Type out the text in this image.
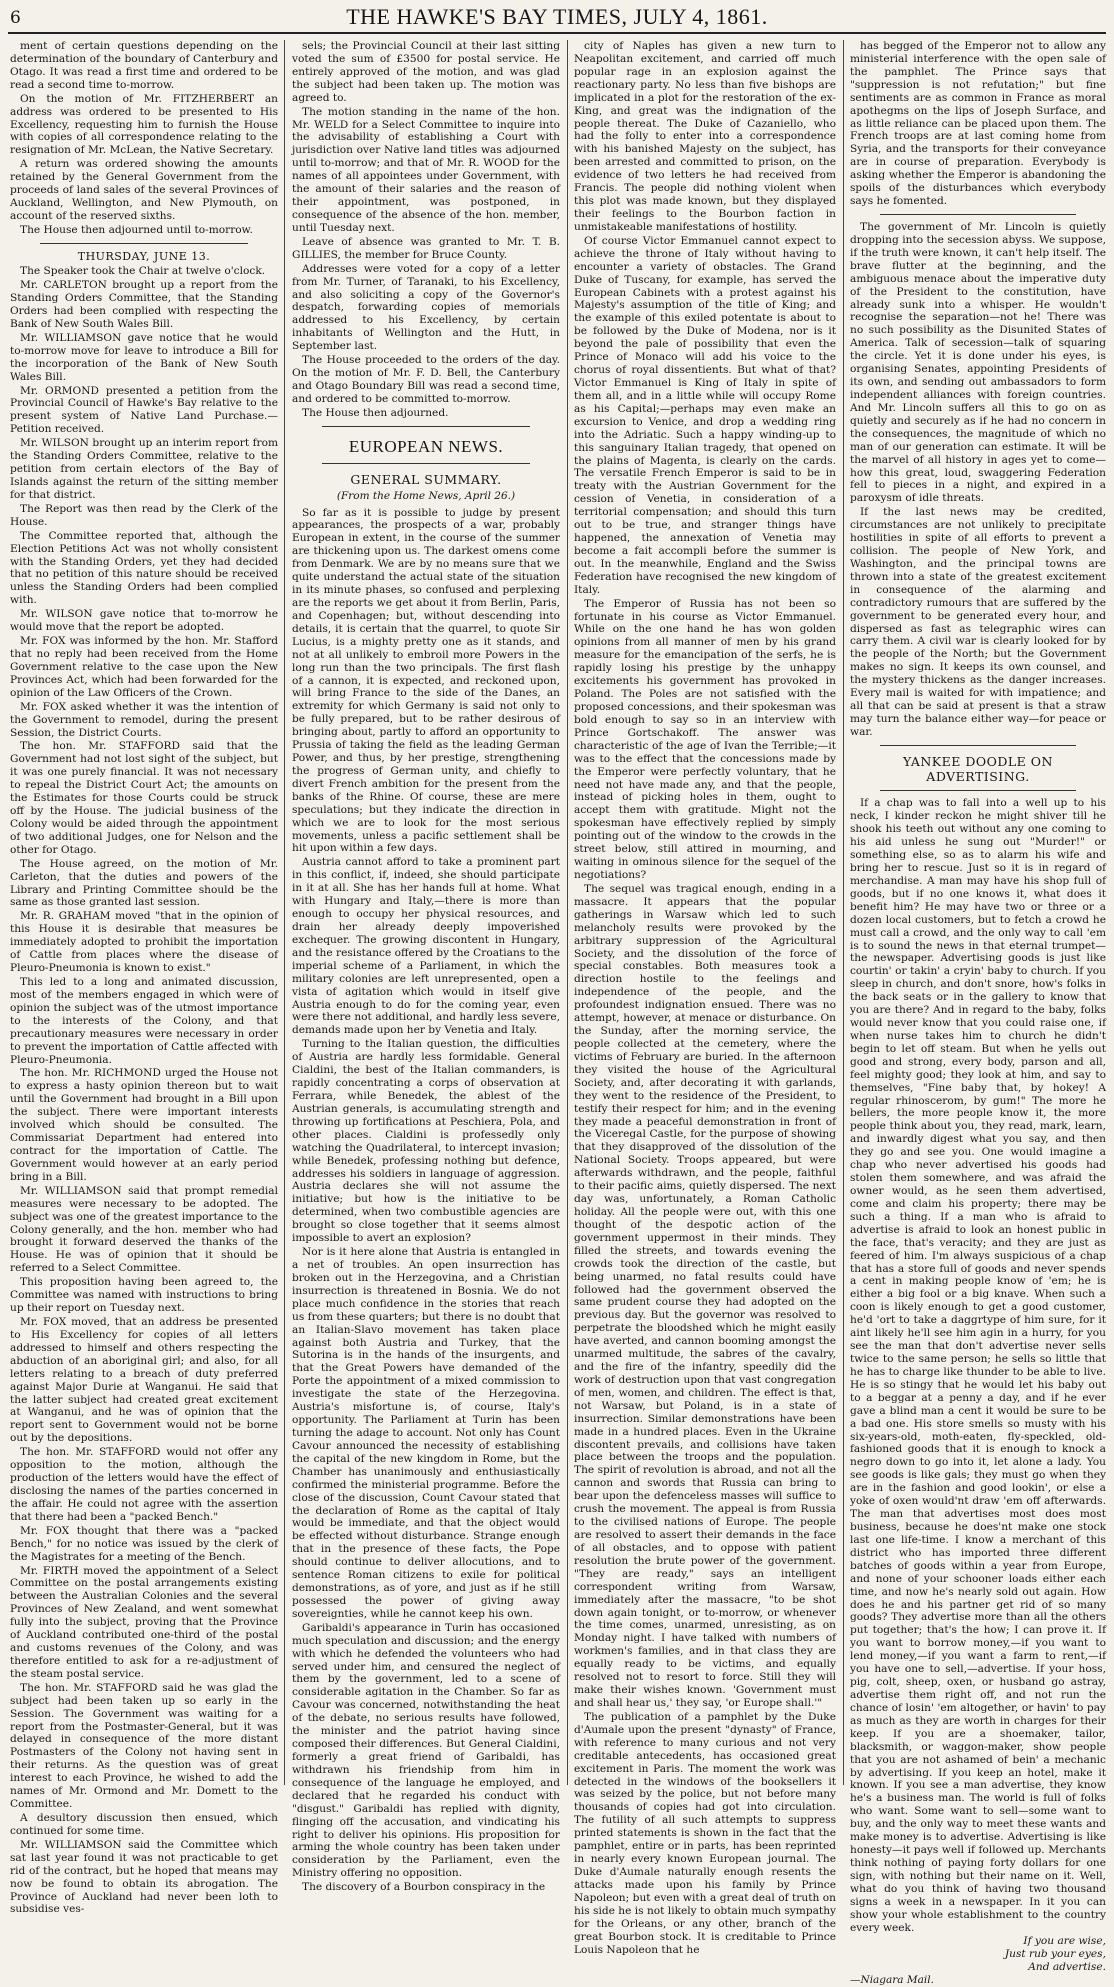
6	THE HAWKE'S BAY TIMES, JULY 4, 1861.

ment of certain questions depending on the determination of the boundary of Canterbury and Otago. It was read a first time and ordered to be read a second time to-morrow.

On the motion of Mr. FITZHERBERT an address was ordered to be presented to His Excellency, requesting him to furnish the House with copies of all correspondence relating to the resignation of Mr. McLean, the Native Secretary.

A return was ordered showing the amounts retained by the General Government from the proceeds of land sales of the several Provinces of Auckland, Wellington, and New Plymouth, on account of the reserved sixths.

The House then adjourned until to-morrow.

THURSDAY, JUNE 13.

The Speaker took the Chair at twelve o'clock.

Mr. CARLETON brought up a report from the Standing Orders Committee, that the Standing Orders had been complied with respecting the Bank of New South Wales Bill.

Mr. WILLIAMSON gave notice that he would to-morrow move for leave to introduce a Bill for the incorporation of the Bank of New South Wales Bill.

Mr. ORMOND presented a petition from the Provincial Council of Hawke's Bay relative to the present system of Native Land Purchase.—Petition received.

Mr. WILSON brought up an interim report from the Standing Orders Committee, relative to the petition from certain electors of the Bay of Islands against the return of the sitting member for that district.

The Report was then read by the Clerk of the House.

The Committee reported that, although the Election Petitions Act was not wholly consistent with the Standing Orders, yet they had decided that no petition of this nature should be received unless the Standing Orders had been complied with.

Mr. WILSON gave notice that to-morrow he would move that the report be adopted.

Mr. FOX was informed by the hon. Mr. Stafford that no reply had been received from the Home Government relative to the case upon the New Provinces Act, which had been forwarded for the opinion of the Law Officers of the Crown.

Mr. FOX asked whether it was the intention of the Government to remodel, during the present Session, the District Courts.

The hon. Mr. STAFFORD said that the Government had not lost sight of the subject, but it was one purely financial. It was not necessary to repeal the District Court Act; the amounts on the Estimates for those Courts could be struck off by the House. The judicial business of the Colony would be aided through the appointment of two additional Judges, one for Nelson and the other for Otago.

The House agreed, on the motion of Mr. Carleton, that the duties and powers of the Library and Printing Committee should be the same as those granted last session.

Mr. R. GRAHAM moved "that in the opinion of this House it is desirable that measures be immediately adopted to prohibit the importation of Cattle from places where the disease of Pleuro-Pneumonia is known to exist."

This led to a long and animated discussion, most of the members engaged in which were of opinion the subject was of the utmost importance to the interests of the Colony, and that precautionary measures were necessary in order to prevent the importation of Cattle affected with Pleuro-Pneumonia.

The hon. Mr. RICHMOND urged the House not to express a hasty opinion thereon but to wait until the Government had brought in a Bill upon the subject. There were important interests involved which should be consulted. The Commissariat Department had entered into contract for the importation of Cattle. The Government would however at an early period bring in a Bill.

Mr. WILLIAMSON said that prompt remedial measures were necessary to be adopted. The subject was one of the greatest importance to the Colony generally, and the hon. member who had brought it forward deserved the thanks of the House. He was of opinion that it should be referred to a Select Committee.

This proposition having been agreed to, the Committee was named with instructions to bring up their report on Tuesday next.

Mr. FOX moved, that an address be presented to His Excellency for copies of all letters addressed to himself and others respecting the abduction of an aboriginal girl; and also, for all letters relating to a breach of duty preferred against Major Durie at Wanganui. He said that the latter subject had created great excitement at Wanganui, and he was of opinion that the report sent to Government would not be borne out by the depositions.

The hon. Mr. STAFFORD would not offer any opposition to the motion, although the production of the letters would have the effect of disclosing the names of the parties concerned in the affair. He could not agree with the assertion that there had been a "packed Bench."

Mr. FOX thought that there was a "packed Bench," for no notice was issued by the clerk of the Magistrates for a meeting of the Bench.

Mr. FIRTH moved the appointment of a Select Committee on the postal arrangements existing between the Australian Colonies and the several Provinces of New Zealand, and went somewhat fully into the subject, proving that the Province of Auckland contributed one-third of the postal and customs revenues of the Colony, and was therefore entitled to ask for a re-adjustment of the steam postal service.

The hon. Mr. STAFFORD said he was glad the subject had been taken up so early in the Session. The Government was waiting for a report from the Postmaster-General, but it was delayed in consequence of the more distant Postmasters of the Colony not having sent in their returns. As the question was of great interest to each Province, he wished to add the names of Mr. Ormond and Mr. Domett to the Committee.

A desultory discussion then ensued, which continued for some time.

Mr. WILLIAMSON said the Committee which sat last year found it was not practicable to get rid of the contract, but he hoped that means may now be found to obtain its abrogation. The Province of Auckland had never been loth to subsidise ves-

sels; the Provincial Council at their last sitting voted the sum of £3500 for postal service. He entirely approved of the motion, and was glad the subject had been taken up. The motion was agreed to.

The motion standing in the name of the hon. Mr. WELD for a Select Committee to inquire into the advisability of establishing a Court with jurisdiction over Native land titles was adjourned until to-morrow; and that of Mr. R. WOOD for the names of all appointees under Government, with the amount of their salaries and the reason of their appointment, was postponed, in consequence of the absence of the hon. member, until Tuesday next.

Leave of absence was granted to Mr. T. B. GILLIES, the member for Bruce County.

Addresses were voted for a copy of a letter from Mr. Turner, of Taranaki, to his Excellency, and also soliciting a copy of the Governor's despatch, forwarding copies of memorials addressed to his Excellency, by certain inhabitants of Wellington and the Hutt, in September last.

The House proceeded to the orders of the day. On the motion of Mr. F. D. Bell, the Canterbury and Otago Boundary Bill was read a second time, and ordered to be committed to-morrow.

The House then adjourned.

EUROPEAN NEWS.
GENERAL SUMMARY.
(From the Home News, April 26.)

So far as it is possible to judge by present appearances, the prospects of a war, probably European in extent, in the course of the summer are thickening upon us. The darkest omens come from Denmark. We are by no means sure that we quite understand the actual state of the situation in its minute phases, so confused and perplexing are the reports we get about it from Berlin, Paris, and Copenhagen; but, without descending into details, it is certain that the quarrel, to quote Sir Lucius, is a mighty pretty one as it stands, and not at all unlikely to embroil more Powers in the long run than the two principals. The first flash of a cannon, it is expected, and reckoned upon, will bring France to the side of the Danes, an extremity for which Germany is said not only to be fully prepared, but to be rather desirous of bringing about, partly to afford an opportunity to Prussia of taking the field as the leading German Power, and thus, by her prestige, strengthening the progress of German unity, and chiefly to divert French ambition for the present from the banks of the Rhine. Of course, these are mere speculations; but they indicate the direction in which we are to look for the most serious movements, unless a pacific settlement shall be hit upon within a few days.

Austria cannot afford to take a prominent part in this conflict, if, indeed, she should participate in it at all. She has her hands full at home. What with Hungary and Italy,—there is more than enough to occupy her physical resources, and drain her already deeply impoverished exchequer. The growing discontent in Hungary, and the resistance offered by the Croatians to the imperial scheme of a Parliament, in which the military colonies are left unrepresented, open a vista of agitation which would in itself give Austria enough to do for the coming year, even were there not additional, and hardly less severe, demands made upon her by Venetia and Italy.

Turning to the Italian question, the difficulties of Austria are hardly less formidable. General Cialdini, the best of the Italian commanders, is rapidly concentrating a corps of observation at Ferrara, while Benedek, the ablest of the Austrian generals, is accumulating strength and throwing up fortifications at Peschiera, Pola, and other places. Cialdini is professedly only watching the Quadrilateral, to intercept invasion; while Benedek, professing nothing but defence, addresses his soldiers in language of aggression. Austria declares she will not assume the initiative; but how is the initiative to be determined, when two combustible agencies are brought so close together that it seems almost impossible to avert an explosion?

Nor is it here alone that Austria is entangled in a net of troubles. An open insurrection has broken out in the Herzegovina, and a Christian insurrection is threatened in Bosnia. We do not place much confidence in the stories that reach us from these quarters; but there is no doubt that an Italian-Slavo movement has taken place against both Austria and Turkey, that the Sutorina is in the hands of the insurgents, and that the Great Powers have demanded of the Porte the appointment of a mixed commission to investigate the state of the Herzegovina. Austria's misfortune is, of course, Italy's opportunity. The Parliament at Turin has been turning the adage to account. Not only has Count Cavour announced the necessity of establishing the capital of the new kingdom in Rome, but the Chamber has unanimously and enthusiastically confirmed the ministerial programme. Before the close of the discussion, Count Cavour stated that the declaration of Rome as the capital of Italy would be immediate, and that the object would be effected without disturbance. Strange enough that in the presence of these facts, the Pope should continue to deliver allocutions, and to sentence Roman citizens to exile for political demonstrations, as of yore, and just as if he still possessed the power of giving away sovereignties, while he cannot keep his own.

Garibaldi's appearance in Turin has occasioned much speculation and discussion; and the energy with which he defended the volunteers who had served under him, and censured the neglect of them by the government, led to a scene of considerable agitation in the Chamber. So far as Cavour was concerned, notwithstanding the heat of the debate, no serious results have followed, the minister and the patriot having since composed their differences. But General Cialdini, formerly a great friend of Garibaldi, has withdrawn his friendship from him in consequence of the language he employed, and declared that he regarded his conduct with "disgust." Garibaldi has replied with dignity, flinging off the accusation, and vindicating his right to deliver his opinions. His proposition for arming the whole country has been taken under consideration by the Parliament, even the Ministry offering no opposition.

The discovery of a Bourbon conspiracy in the

city of Naples has given a new turn to Neapolitan excitement, and carried off much popular rage in an explosion against the reactionary party. No less than five bishops are implicated in a plot for the restoration of the ex-King, and great was the indignation of the people thereat. The Duke of Cazaniello, who had the folly to enter into a correspondence with his banished Majesty on the subject, has been arrested and committed to prison, on the evidence of two letters he had received from Francis. The people did nothing violent when this plot was made known, but they displayed their feelings to the Bourbon faction in unmistakeable manifestations of hostility.

Of course Victor Emmanuel cannot expect to achieve the throne of Italy without having to encounter a variety of obstacles. The Grand Duke of Tuscany, for example, has served the European Cabinets with a protest against his Majesty's assumption of the title of King; and the example of this exiled potentate is about to be followed by the Duke of Modena, nor is it beyond the pale of possibility that even the Prince of Monaco will add his voice to the chorus of royal dissentients. But what of that? Victor Emmanuel is King of Italy in spite of them all, and in a little while will occupy Rome as his Capital;—perhaps may even make an excursion to Venice, and drop a wedding ring into the Adriatic. Such a happy winding-up to this sanguinary Italian tragedy, that opened on the plains of Magenta, is clearly on the cards. The versatile French Emperor is said to be in treaty with the Austrian Government for the cession of Venetia, in consideration of a territorial compensation; and should this turn out to be true, and stranger things have happened, the annexation of Venetia may become a fait accompli before the summer is out. In the meanwhile, England and the Swiss Federation have recognised the new kingdom of Italy.

The Emperor of Russia has not been so fortunate in his course as Victor Emmanuel. While on the one hand he has won golden opinions from all manner of men by his grand measure for the emancipation of the serfs, he is rapidly losing his prestige by the unhappy excitements his government has provoked in Poland. The Poles are not satisfied with the proposed concessions, and their spokesman was bold enough to say so in an interview with Prince Gortschakoff. The answer was characteristic of the age of Ivan the Terrible;—it was to the effect that the concessions made by the Emperor were perfectly voluntary, that he need not have made any, and that the people, instead of picking holes in them, ought to accept them with gratitude. Might not the spokesman have effectively replied by simply pointing out of the window to the crowds in the street below, still attired in mourning, and waiting in ominous silence for the sequel of the negotiations?

The sequel was tragical enough, ending in a massacre. It appears that the popular gatherings in Warsaw which led to such melancholy results were provoked by the arbitrary suppression of the Agricultural Society, and the dissolution of the force of special constables. Both measures took a direction hostile to the feelings and independence of the people, and the profoundest indignation ensued. There was no attempt, however, at menace or disturbance. On the Sunday, after the morning service, the people collected at the cemetery, where the victims of February are buried. In the afternoon they visited the house of the Agricultural Society, and, after decorating it with garlands, they went to the residence of the President, to testify their respect for him; and in the evening they made a peaceful demonstration in front of the Viceregal Castle, for the purpose of showing that they disapproved of the dissolution of the National Society. Troops appeared, but were afterwards withdrawn, and the people, faithful to their pacific aims, quietly dispersed. The next day was, unfortunately, a Roman Catholic holiday. All the people were out, with this one thought of the despotic action of the government uppermost in their minds. They filled the streets, and towards evening the crowds took the direction of the castle, but being unarmed, no fatal results could have followed had the government observed the same prudent course they had adopted on the previous day. But the governor was resolved to perpetrate the bloodshed which he might easily have averted, and cannon booming amongst the unarmed multitude, the sabres of the cavalry, and the fire of the infantry, speedily did the work of destruction upon that vast congregation of men, women, and children. The effect is that, not Warsaw, but Poland, is in a state of insurrection. Similar demonstrations have been made in a hundred places. Even in the Ukraine discontent prevails, and collisions have taken place between the troops and the population. The spirit of revolution is abroad, and not all the cannon and swords that Russia can bring to bear upon the defenceless masses will suffice to crush the movement. The appeal is from Russia to the civilised nations of Europe. The people are resolved to assert their demands in the face of all obstacles, and to oppose with patient resolution the brute power of the government. "They are ready," says an intelligent correspondent writing from Warsaw, immediately after the massacre, "to be shot down again tonight, or to-morrow, or whenever the time comes, unarmed, unresisting, as on Monday night. I have talked with numbers of workmen's families, and in that class they are equally ready to be victims, and equally resolved not to resort to force. Still they will make their wishes known. 'Government must and shall hear us,' they say, 'or Europe shall.'"

The publication of a pamphlet by the Duke d'Aumale upon the present "dynasty" of France, with reference to many curious and not very creditable antecedents, has occasioned great excitement in Paris. The moment the work was detected in the windows of the booksellers it was seized by the police, but not before many thousands of copies had got into circulation. The futility of all such attempts to suppress printed statements is shown in the fact that the pamphlet, entire or in parts, has been reprinted in nearly every known European journal. The Duke d'Aumale naturally enough resents the attacks made upon his family by Prince Napoleon; but even with a great deal of truth on his side he is not likely to obtain much sympathy for the Orleans, or any other, branch of the great Bourbon stock. It is creditable to Prince Louis Napoleon that he

has begged of the Emperor not to allow any ministerial interference with the open sale of the pamphlet. The Prince says that "suppression is not refutation;" but fine sentiments are as common in France as moral apothegms on the lips of Joseph Surface, and as little reliance can be placed upon them. The French troops are at last coming home from Syria, and the transports for their conveyance are in course of preparation. Everybody is asking whether the Emperor is abandoning the spoils of the disturbances which everybody says he fomented.

The government of Mr. Lincoln is quietly dropping into the secession abyss. We suppose, if the truth were known, it can't help itself. The brave flutter at the beginning, and the ambiguous menace about the imperative duty of the President to the constitution, have already sunk into a whisper. He wouldn't recognise the separation—not he! There was no such possibility as the Disunited States of America. Talk of secession—talk of squaring the circle. Yet it is done under his eyes, is organising Senates, appointing Presidents of its own, and sending out ambassadors to form independent alliances with foreign countries. And Mr. Lincoln suffers all this to go on as quietly and securely as if he had no concern in the consequences, the magnitude of which no man of our generation can estimate. It will be the marvel of all history in ages yet to come—how this great, loud, swaggering Federation fell to pieces in a night, and expired in a paroxysm of idle threats.

If the last news may be credited, circumstances are not unlikely to precipitate hostilities in spite of all efforts to prevent a collision. The people of New York, and Washington, and the principal towns are thrown into a state of the greatest excitement in consequence of the alarming and contradictory rumours that are suffered by the government to be generated every hour, and dispersed as fast as telegraphic wires can carry them. A civil war is clearly looked for by the people of the North; but the Government makes no sign. It keeps its own counsel, and the mystery thickens as the danger increases. Every mail is waited for with impatience; and all that can be said at present is that a straw may turn the balance either way—for peace or war.

YANKEE DOODLE ON ADVERTISING.

If a chap was to fall into a well up to his neck, I kinder reckon he might shiver till he shook his teeth out without any one coming to his aid unless he sung out "Murder!" or something else, so as to alarm his wife and bring her to rescue. Just so it is in regard of merchandise. A man may have his shop full of goods, but if no one knows it, what does it benefit him? He may have two or three or a dozen local customers, but to fetch a crowd he must call a crowd, and the only way to call 'em is to sound the news in that eternal trumpet—the newspaper. Advertising goods is just like courtin' or takin' a cryin' baby to church. If you sleep in church, and don't snore, how's folks in the back seats or in the gallery to know that you are there? And in regard to the baby, folks would never know that you could raise one, if when nurse takes him to church he didn't begin to let off steam. But when he yells out good and strong, every body, parson and all, feel mighty good; they look at him, and say to themselves, "Fine baby that, by hokey! A regular rhinoscerom, by gum!" The more he bellers, the more people know it, the more people think about you, they read, mark, learn, and inwardly digest what you say, and then they go and see you. One would imagine a chap who never advertised his goods had stolen them somewhere, and was afraid the owner would, as he seen them advertised, come and claim his property; there may be such a thing. If a man who is afraid to advertise is afraid to look an honest public in the face, that's veracity; and they are just as feered of him. I'm always suspicious of a chap that has a store full of goods and never spends a cent in making people know of 'em; he is either a big fool or a big knave. When such a coon is likely enough to get a good customer, he'd 'ort to take a daggrtype of him sure, for it aint likely he'll see him agin in a hurry, for you see the man that don't advertise never sells twice to the same person; he sells so little that he has to charge like thunder to be able to live. He is so stingy that he would let his baby out to a beggar at a penny a day, and if he ever gave a blind man a cent it would be sure to be a bad one. His store smells so musty with his six-years-old, moth-eaten, fly-speckled, old-fashioned goods that it is enough to knock a negro down to go into it, let alone a lady. You see goods is like gals; they must go when they are in the fashion and good lookin', or else a yoke of oxen would'nt draw 'em off afterwards. The man that advertises most does most business, because he does'nt make one stock last one life-time. I know a merchant of this district who has imported three different batches of goods within a year from Europe, and none of your schooner loads either each time, and now he's nearly sold out again. How does he and his partner get rid of so many goods? They advertise more than all the others put together; that's the how; I can prove it. If you want to borrow money,—if you want to lend money,—if you want a farm to rent,—if you have one to sell,—advertise. If your hoss, pig, colt, sheep, oxen, or husband go astray, advertise them right off, and not run the chance of losin' 'em altogether, or havin' to pay as much as they are worth in charges for their keep. If you are a shoemaker, tailor, blacksmith, or waggon-maker, show people that you are not ashamed of bein' a mechanic by advertising. If you keep an hotel, make it known. If you see a man advertise, they know he's a business man. The world is full of folks who want. Some want to sell—some want to buy, and the only way to meet these wants and make money is to advertise. Advertising is like honesty—it pays well if followed up. Merchants think nothing of paying forty dollars for one sign, with nothing but their name on it. Well, what do you think of having two thousand signs a week in a newspaper. In it you can show your whole establishment to the country every week.

If you are wise,
Just rub your eyes,
And advertise.
—Niagara Mail.
